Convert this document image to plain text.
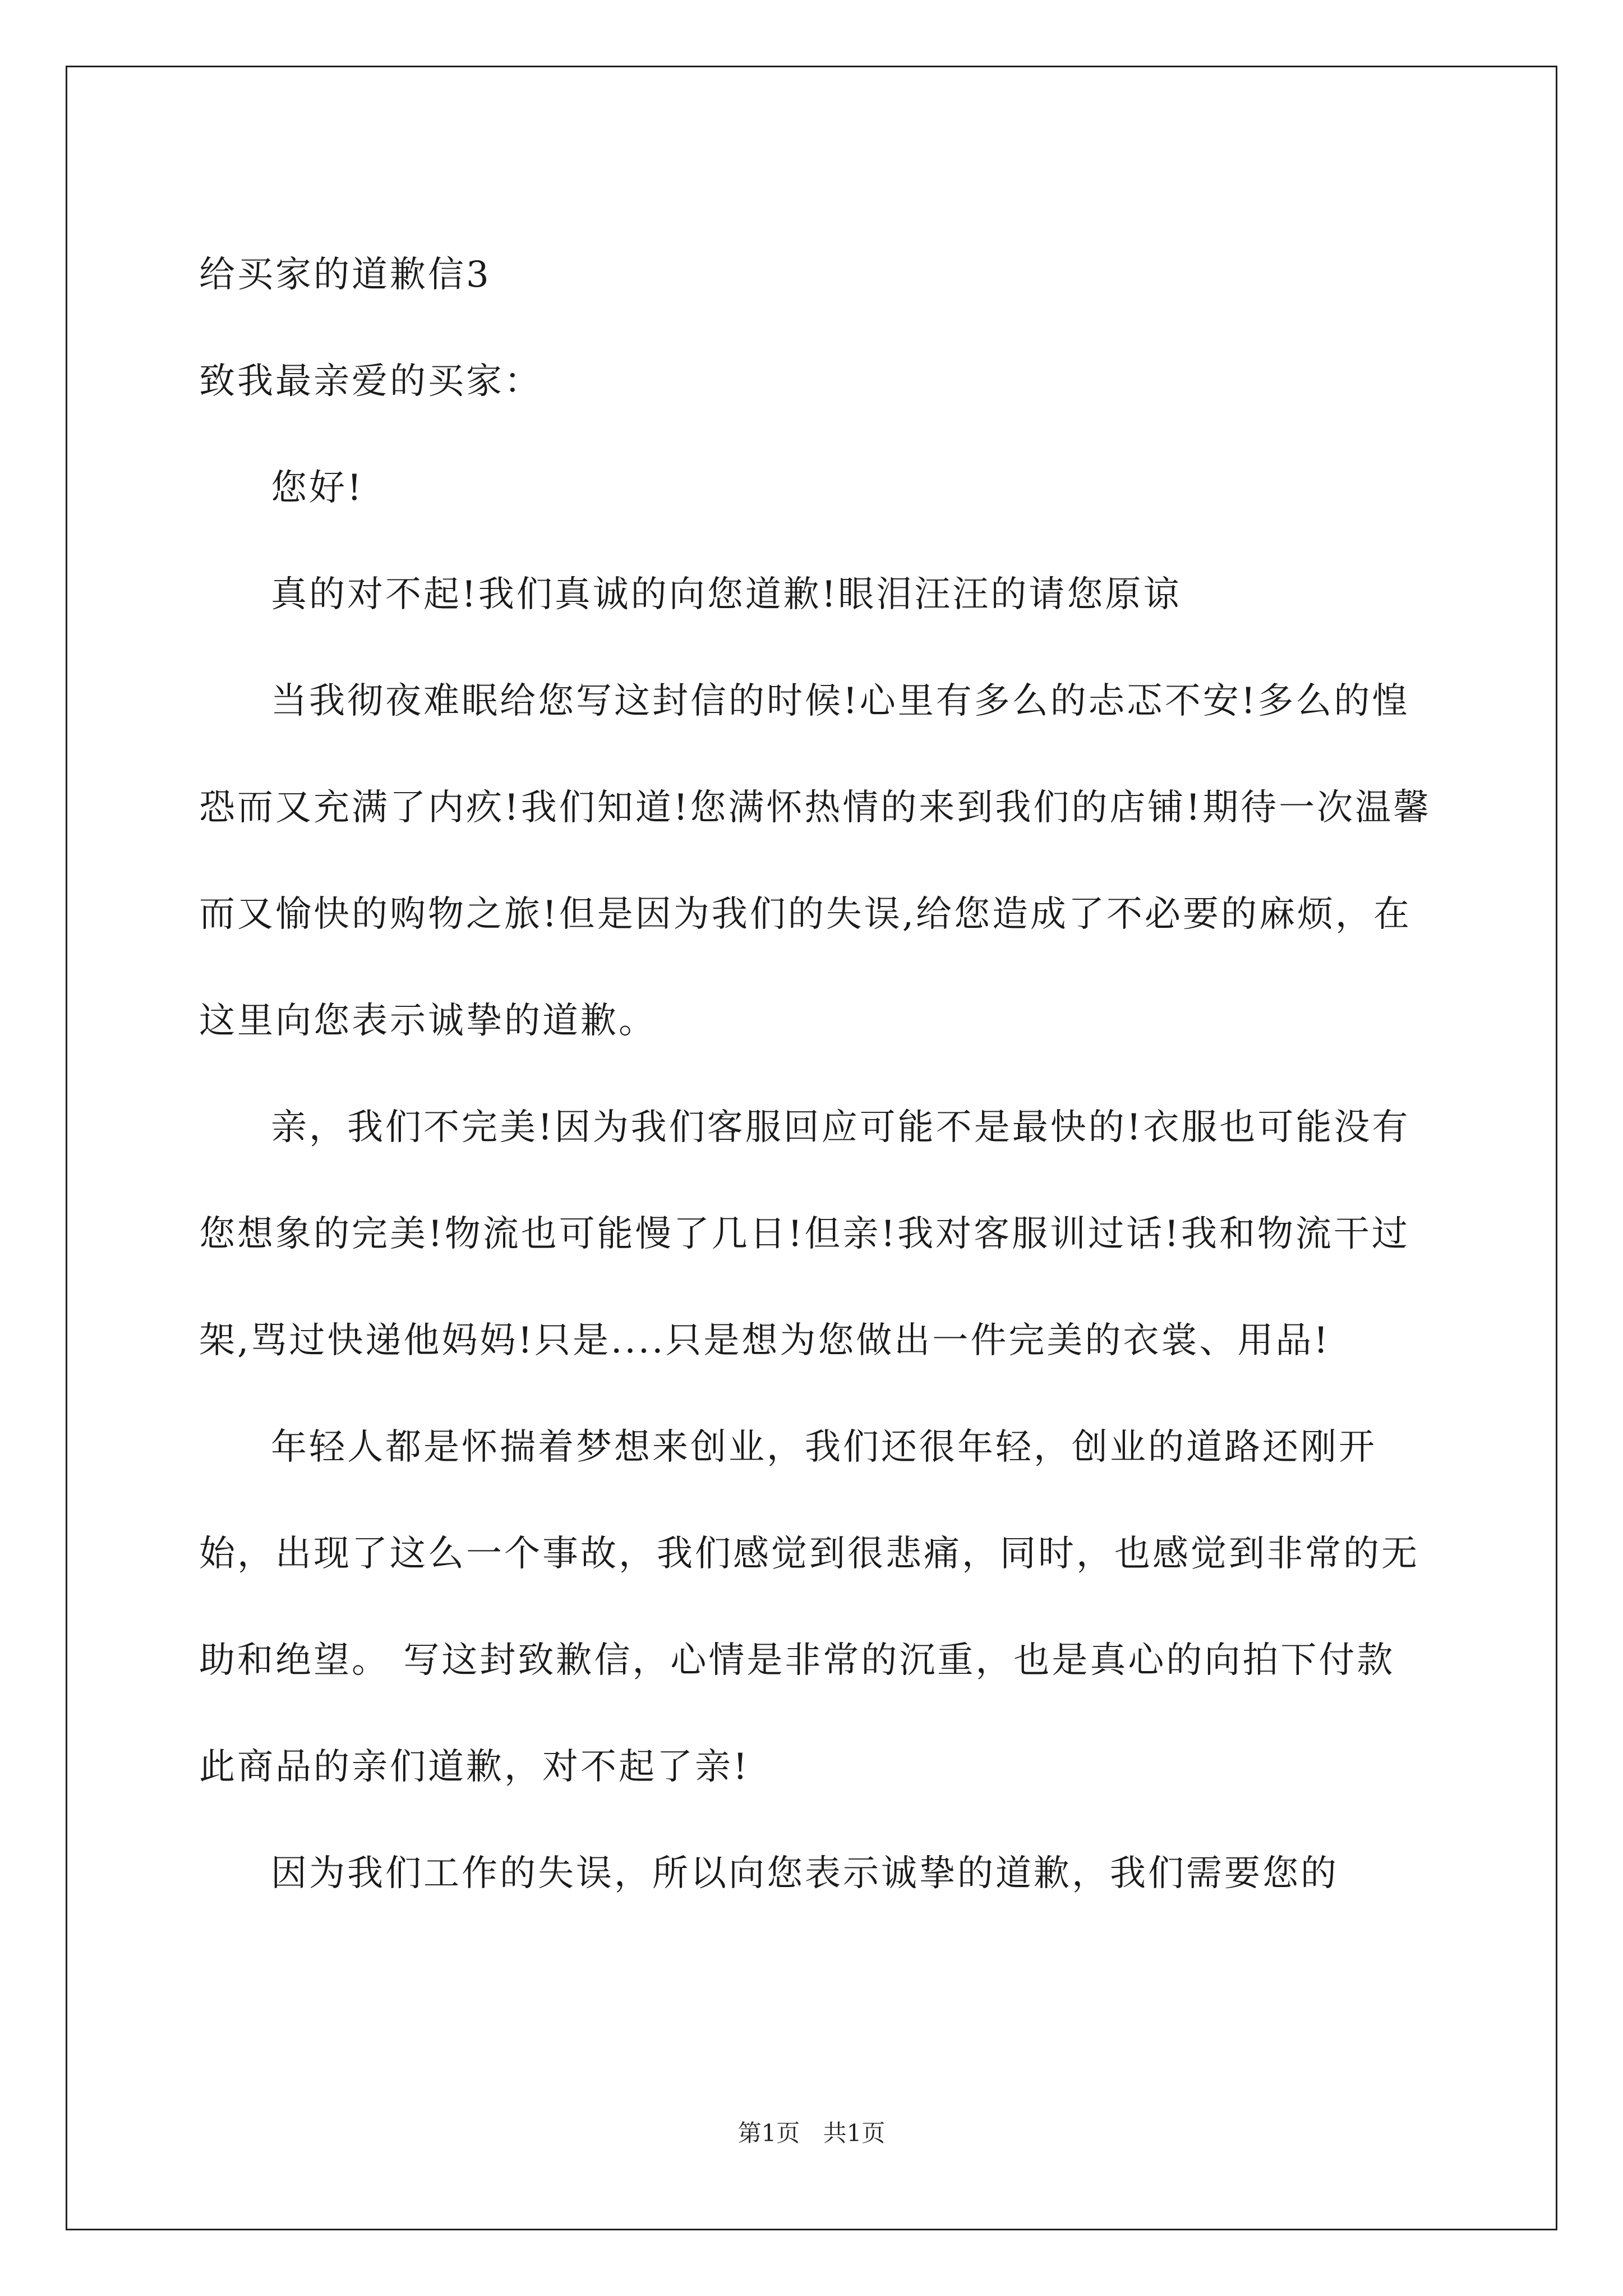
给买家的道歉信3

致我最亲爱的买家：

您好!

真的对不起!我们真诚的向您道歉!眼泪汪汪的请您原谅

当我彻夜难眠给您写这封信的时候!心里有多么的忐忑不安!多么的惶恐而又充满了内疚!我们知道!您满怀热情的来到我们的店铺!期待一次温馨而又愉快的购物之旅!但是因为我们的失误,给您造成了不必要的麻烦，在这里向您表示诚挚的道歉。

亲，我们不完美!因为我们客服回应可能不是最快的!衣服也可能没有您想象的完美!物流也可能慢了几日!但亲!我对客服训过话!我和物流干过架,骂过快递他妈妈!只是....只是想为您做出一件完美的衣裳、用品!

年轻人都是怀揣着梦想来创业，我们还很年轻，创业的道路还刚开始，出现了这么一个事故，我们感觉到很悲痛，同时，也感觉到非常的无助和绝望。 写这封致歉信，心情是非常的沉重，也是真心的向拍下付款此商品的亲们道歉，对不起了亲!

因为我们工作的失误，所以向您表示诚挚的道歉，我们需要您的

第1页 共1页
